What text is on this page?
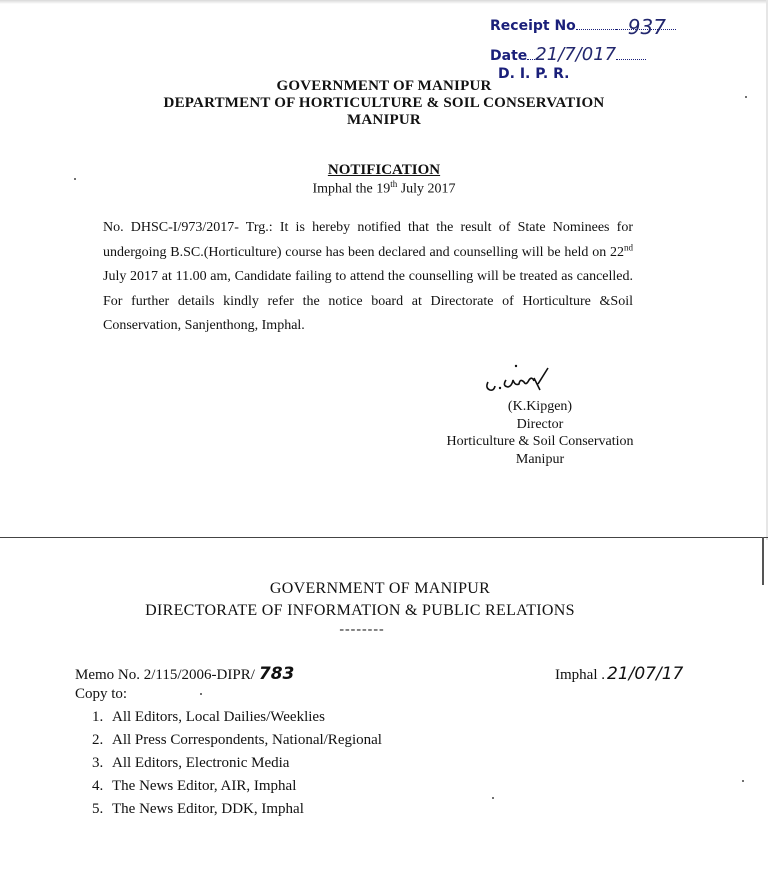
Receipt No	937
Date 21/7/017
D. I. P. R.
GOVERNMENT OF MANIPUR
DEPARTMENT OF HORTICULTURE & SOIL CONSERVATION
MANIPUR
NOTIFICATION
Imphal the 19th July 2017
No. DHSC-I/973/2017- Trg.: It is hereby notified that the result of State Nominees for undergoing B.SC.(Horticulture) course has been declared and counselling will be held on 22nd July 2017 at 11.00 am, Candidate failing to attend the counselling will be treated as cancelled. For further details kindly refer the notice board at Directorate of Horticulture &Soil Conservation, Sanjenthong, Imphal.
(K.Kipgen)
Director
Horticulture & Soil Conservation
Manipur
GOVERNMENT OF MANIPUR
DIRECTORATE OF INFORMATION & PUBLIC RELATIONS
--------
Memo No. 2/115/2006-DIPR/ 783	Imphal . 21/07/17
Copy to:
1. All Editors, Local Dailies/Weeklies
2. All Press Correspondents, National/Regional
3. All Editors, Electronic Media
4. The News Editor, AIR, Imphal
5. The News Editor, DDK, Imphal
